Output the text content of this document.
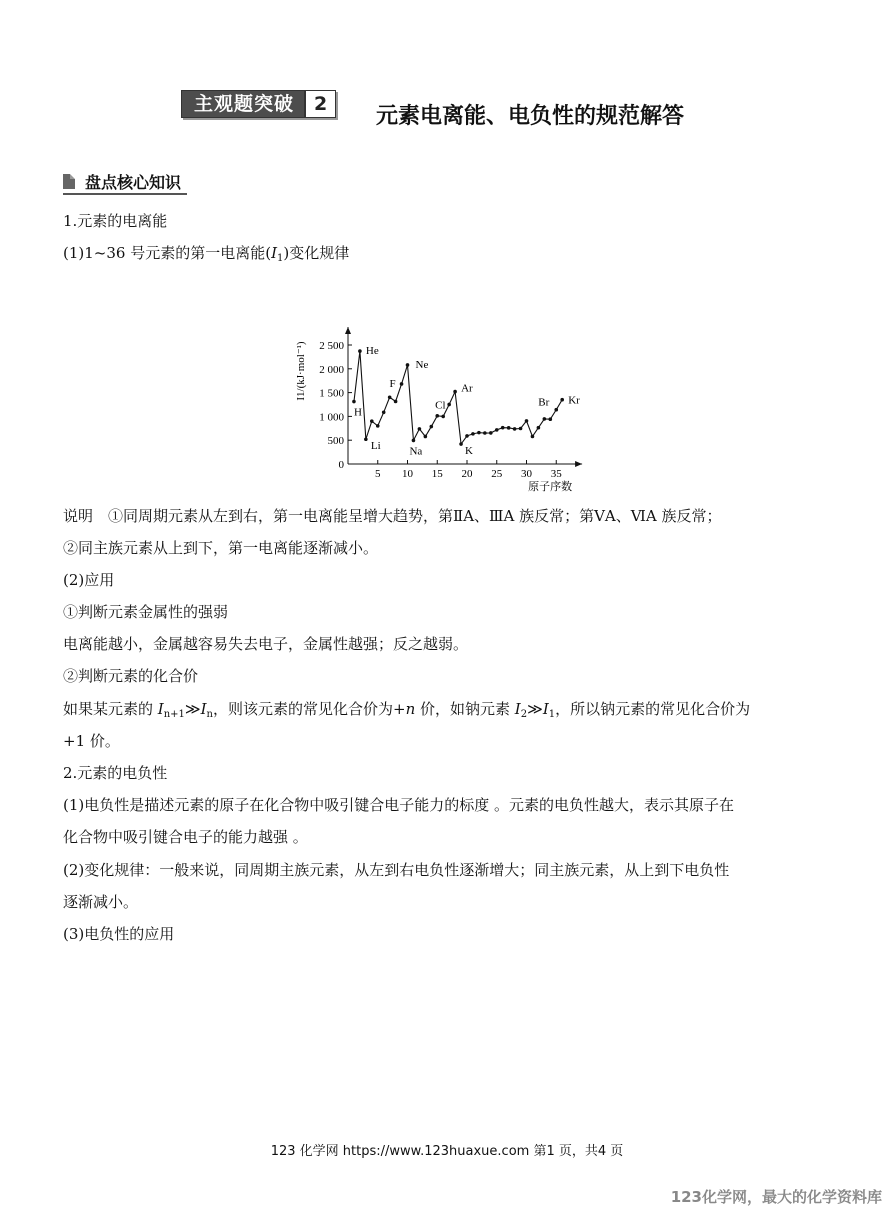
主观题突破	2	元素电离能、电负性的规范解答
盘点核心知识
1.元素的电离能
(1)1~36 号元素的第一电离能$(I_1)$变化规律
5 10 15 20 25 30 35
0
500
1 000
1 500
2 000
2 500
H
He
Li
F
Ne
Na
Cl
Ar
K
Br Kr
原子序数
I1/(kJ·mol⁻¹)
说明　①同周期元素从左到右，第一电离能呈增大趋势，第ⅡA、ⅢA 族反常；第ⅤA、ⅥA 族反常；
②同主族元素从上到下，第一电离能逐渐减小。
(2)应用
①判断元素金属性的强弱
电离能越小，金属越容易失去电子，金属性越强；反之越弱。
②判断元素的化合价
如果某元素的 $I_{n+1}≫I_n$，则该元素的常见化合价为+n 价，如钠元素 $I_2≫I_1$，所以钠元素的常见化合价为
+1 价。
2.元素的电负性
(1)电负性是描述元素的原子在化合物中吸引键合电子能力的标度 。元素的电负性越大，表示其原子在
化合物中吸引键合电子的能力越强 。
(2)变化规律：一般来说，同周期主族元素，从左到右电负性逐渐增大；同主族元素，从上到下电负性
逐渐减小。
(3)电负性的应用
123 化学网 https://www.123huaxue.com 第1 页，共4 页
123化学网，最大的化学资料库
